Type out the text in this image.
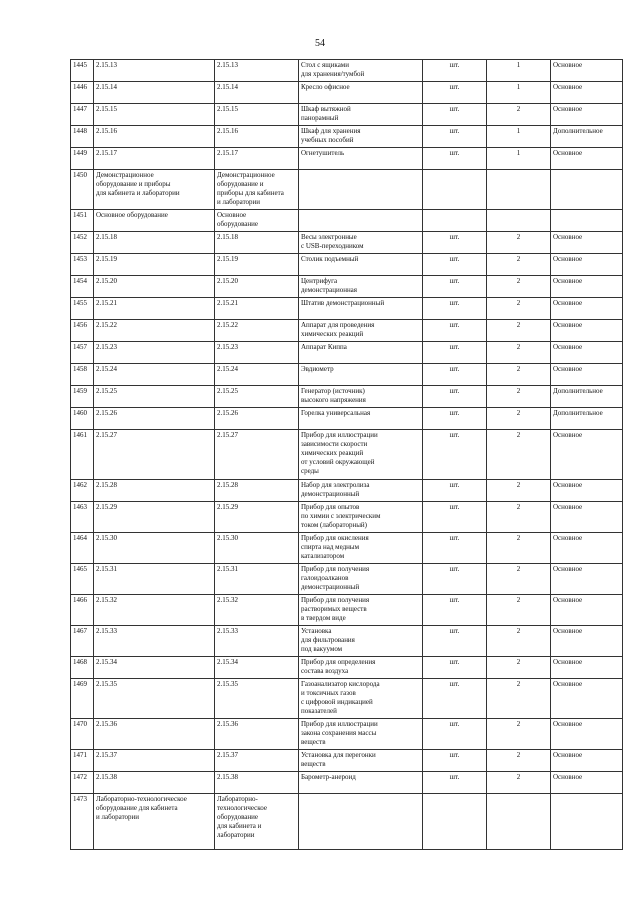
54
1445	2.15.13	2.15.13	Стол с ящиками
для хранения/тумбой	шт.	1	Основное

1446	2.15.14	2.15.14	Кресло офисное	шт.	1	Основное

1447	2.15.15	2.15.15	Шкаф вытяжной
панорамный	шт.	2	Основное

1448	2.15.16	2.15.16	Шкаф для хранения
учебных пособий	шт.	1	Дополнительное

1449	2.15.17	2.15.17	Огнетушитель	шт.	1	Основное

1450	Демонстрационное
оборудование и приборы
для кабинета и лаборатории	Демонстрационное
оборудование и
приборы для кабинета
и лаборатории				

1451	Основное оборудование	Основное
оборудование				

1452	2.15.18	2.15.18	Весы электронные
с USB-переходником	шт.	2	Основное

1453	2.15.19	2.15.19	Столик подъемный	шт.	2	Основное

1454	2.15.20	2.15.20	Центрифуга
демонстрационная	шт.	2	Основное

1455	2.15.21	2.15.21	Штатив демонстрационный	шт.	2	Основное

1456	2.15.22	2.15.22	Аппарат для проведения
химических реакций	шт.	2	Основное

1457	2.15.23	2.15.23	Аппарат Киппа	шт.	2	Основное

1458	2.15.24	2.15.24	Эвдиометр	шт.	2	Основное

1459	2.15.25	2.15.25	Генератор (источник)
высокого напряжения	шт.	2	Дополнительное

1460	2.15.26	2.15.26	Горелка универсальная	шт.	2	Дополнительное

1461	2.15.27	2.15.27	Прибор для иллюстрации
зависимости скорости
химических реакций
от условий окружающей
среды	шт.	2	Основное

1462	2.15.28	2.15.28	Набор для электролиза
демонстрационный	шт.	2	Основное

1463	2.15.29	2.15.29	Прибор для опытов
по химии с электрическим
током (лабораторный)	шт.	2	Основное

1464	2.15.30	2.15.30	Прибор для окисления
спирта над медным
катализатором	шт.	2	Основное

1465	2.15.31	2.15.31	Прибор для получения
галоидоалканов
демонстрационный	шт.	2	Основное

1466	2.15.32	2.15.32	Прибор для получения
растворимых веществ
в твердом виде	шт.	2	Основное

1467	2.15.33	2.15.33	Установка
для фильтрования
под вакуумом	шт.	2	Основное

1468	2.15.34	2.15.34	Прибор для определения
состава воздуха	шт.	2	Основное

1469	2.15.35	2.15.35	Газоанализатор кислорода
и токсичных газов
с цифровой индикацией
показателей	шт.	2	Основное

1470	2.15.36	2.15.36	Прибор для иллюстрации
закона сохранения массы
веществ	шт.	2	Основное

1471	2.15.37	2.15.37	Установка для перегонки
веществ	шт.	2	Основное

1472	2.15.38	2.15.38	Барометр-анероид	шт.	2	Основное

1473	Лабораторно-технологическое
оборудование для кабинета
и лаборатории	Лабораторно-
технологическое
оборудование
для кабинета и
лаборатории				
